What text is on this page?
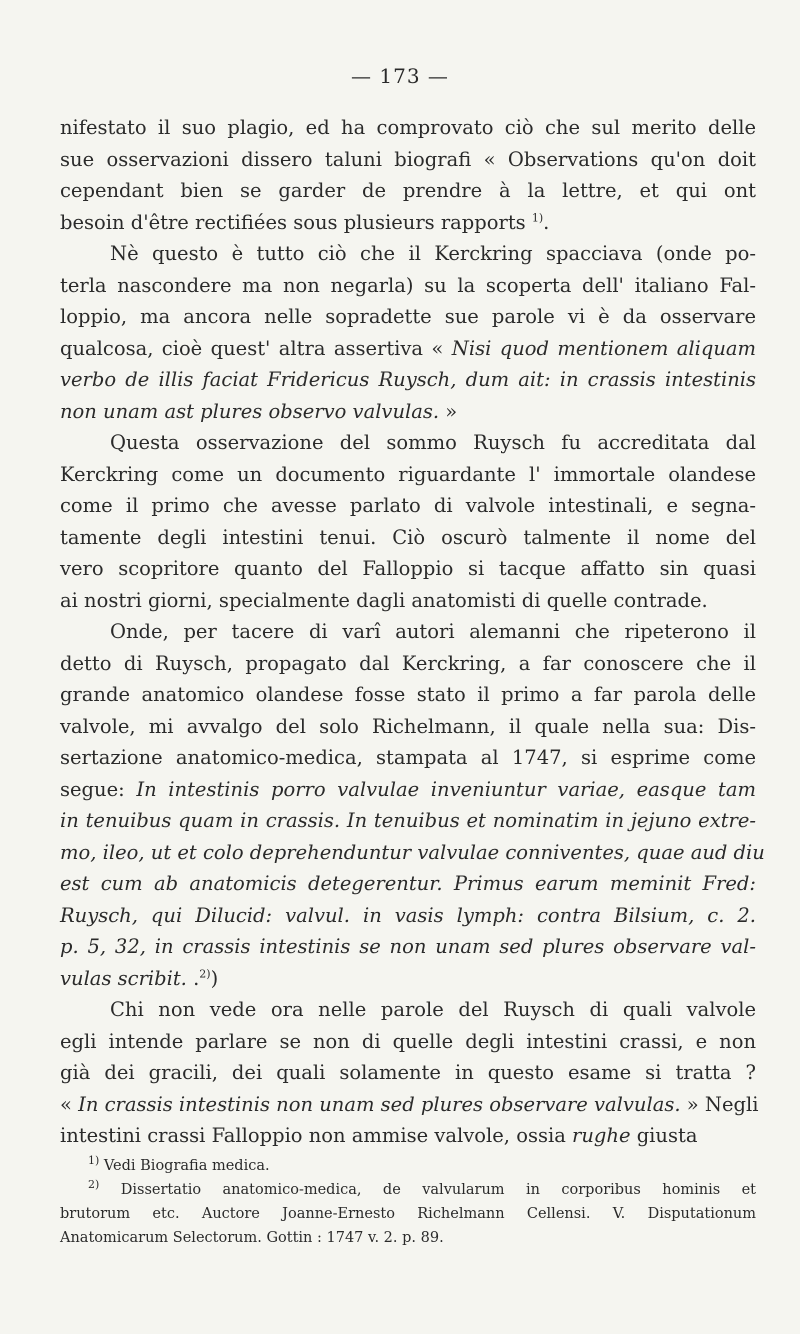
— 173 —
nifestato il suo plagio, ed ha comprovato ciò che sul merito delle
sue osservazioni dissero taluni biografi « Observations qu'on doit
cependant bien se garder de prendre à la lettre, et qui ont
besoin d'être rectifiées sous plusieurs rapports $^{1)}$.
Nè questo è tutto ciò che il Kerckring spacciava (onde po-
terla nascondere ma non negarla) su la scoperta dell' italiano Fal-
loppio, ma ancora nelle sopradette sue parole vi è da osservare
qualcosa, cioè quest' altra assertiva « Nisi quod mentionem aliquam
verbo de illis faciat Fridericus Ruysch, dum ait: in crassis intestinis
non unam ast plures observo valvulas. »
Questa osservazione del sommo Ruysch fu accreditata dal
Kerckring come un documento riguardante l' immortale olandese
come il primo che avesse parlato di valvole intestinali, e segna-
tamente degli intestini tenui. Ciò oscurò talmente il nome del
vero scopritore quanto del Falloppio si tacque affatto sin quasi
ai nostri giorni, specialmente dagli anatomisti di quelle contrade.
Onde, per tacere di varî autori alemanni che ripeterono il
detto di Ruysch, propagato dal Kerckring, a far conoscere che il
grande anatomico olandese fosse stato il primo a far parola delle
valvole, mi avvalgo del solo Richelmann, il quale nella sua: Dis-
sertazione anatomico-medica, stampata al 1747, si esprime come
segue: In intestinis porro valvulae inveniuntur variae, easque tam
in tenuibus quam in crassis. In tenuibus et nominatim in jejuno extre-
mo, ileo, ut et colo deprehenduntur valvulae conniventes, quae aud diu
est cum ab anatomicis detegerentur. Primus earum meminit Fred:
Ruysch, qui Dilucid: valvul. in vasis lymph: contra Bilsium, c. 2.
p. 5, 32, in crassis intestinis se non unam sed plures observare val-
vulas scribit. .$^{2)}$)
Chi non vede ora nelle parole del Ruysch di quali valvole
egli intende parlare se non di quelle degli intestini crassi, e non
già dei gracili, dei quali solamente in questo esame si tratta ?
« In crassis intestinis non unam sed plures observare valvulas. » Negli
intestini crassi Falloppio non ammise valvole, ossia rughe giusta
$^{1)}$ Vedi Biografia medica.
$^{2)}$ Dissertatio anatomico-medica, de valvularum in corporibus hominis et
brutorum etc. Auctore Joanne-Ernesto Richelmann Cellensi. V. Disputationum
Anatomicarum Selectorum. Gottin : 1747 v. 2. p. 89.
